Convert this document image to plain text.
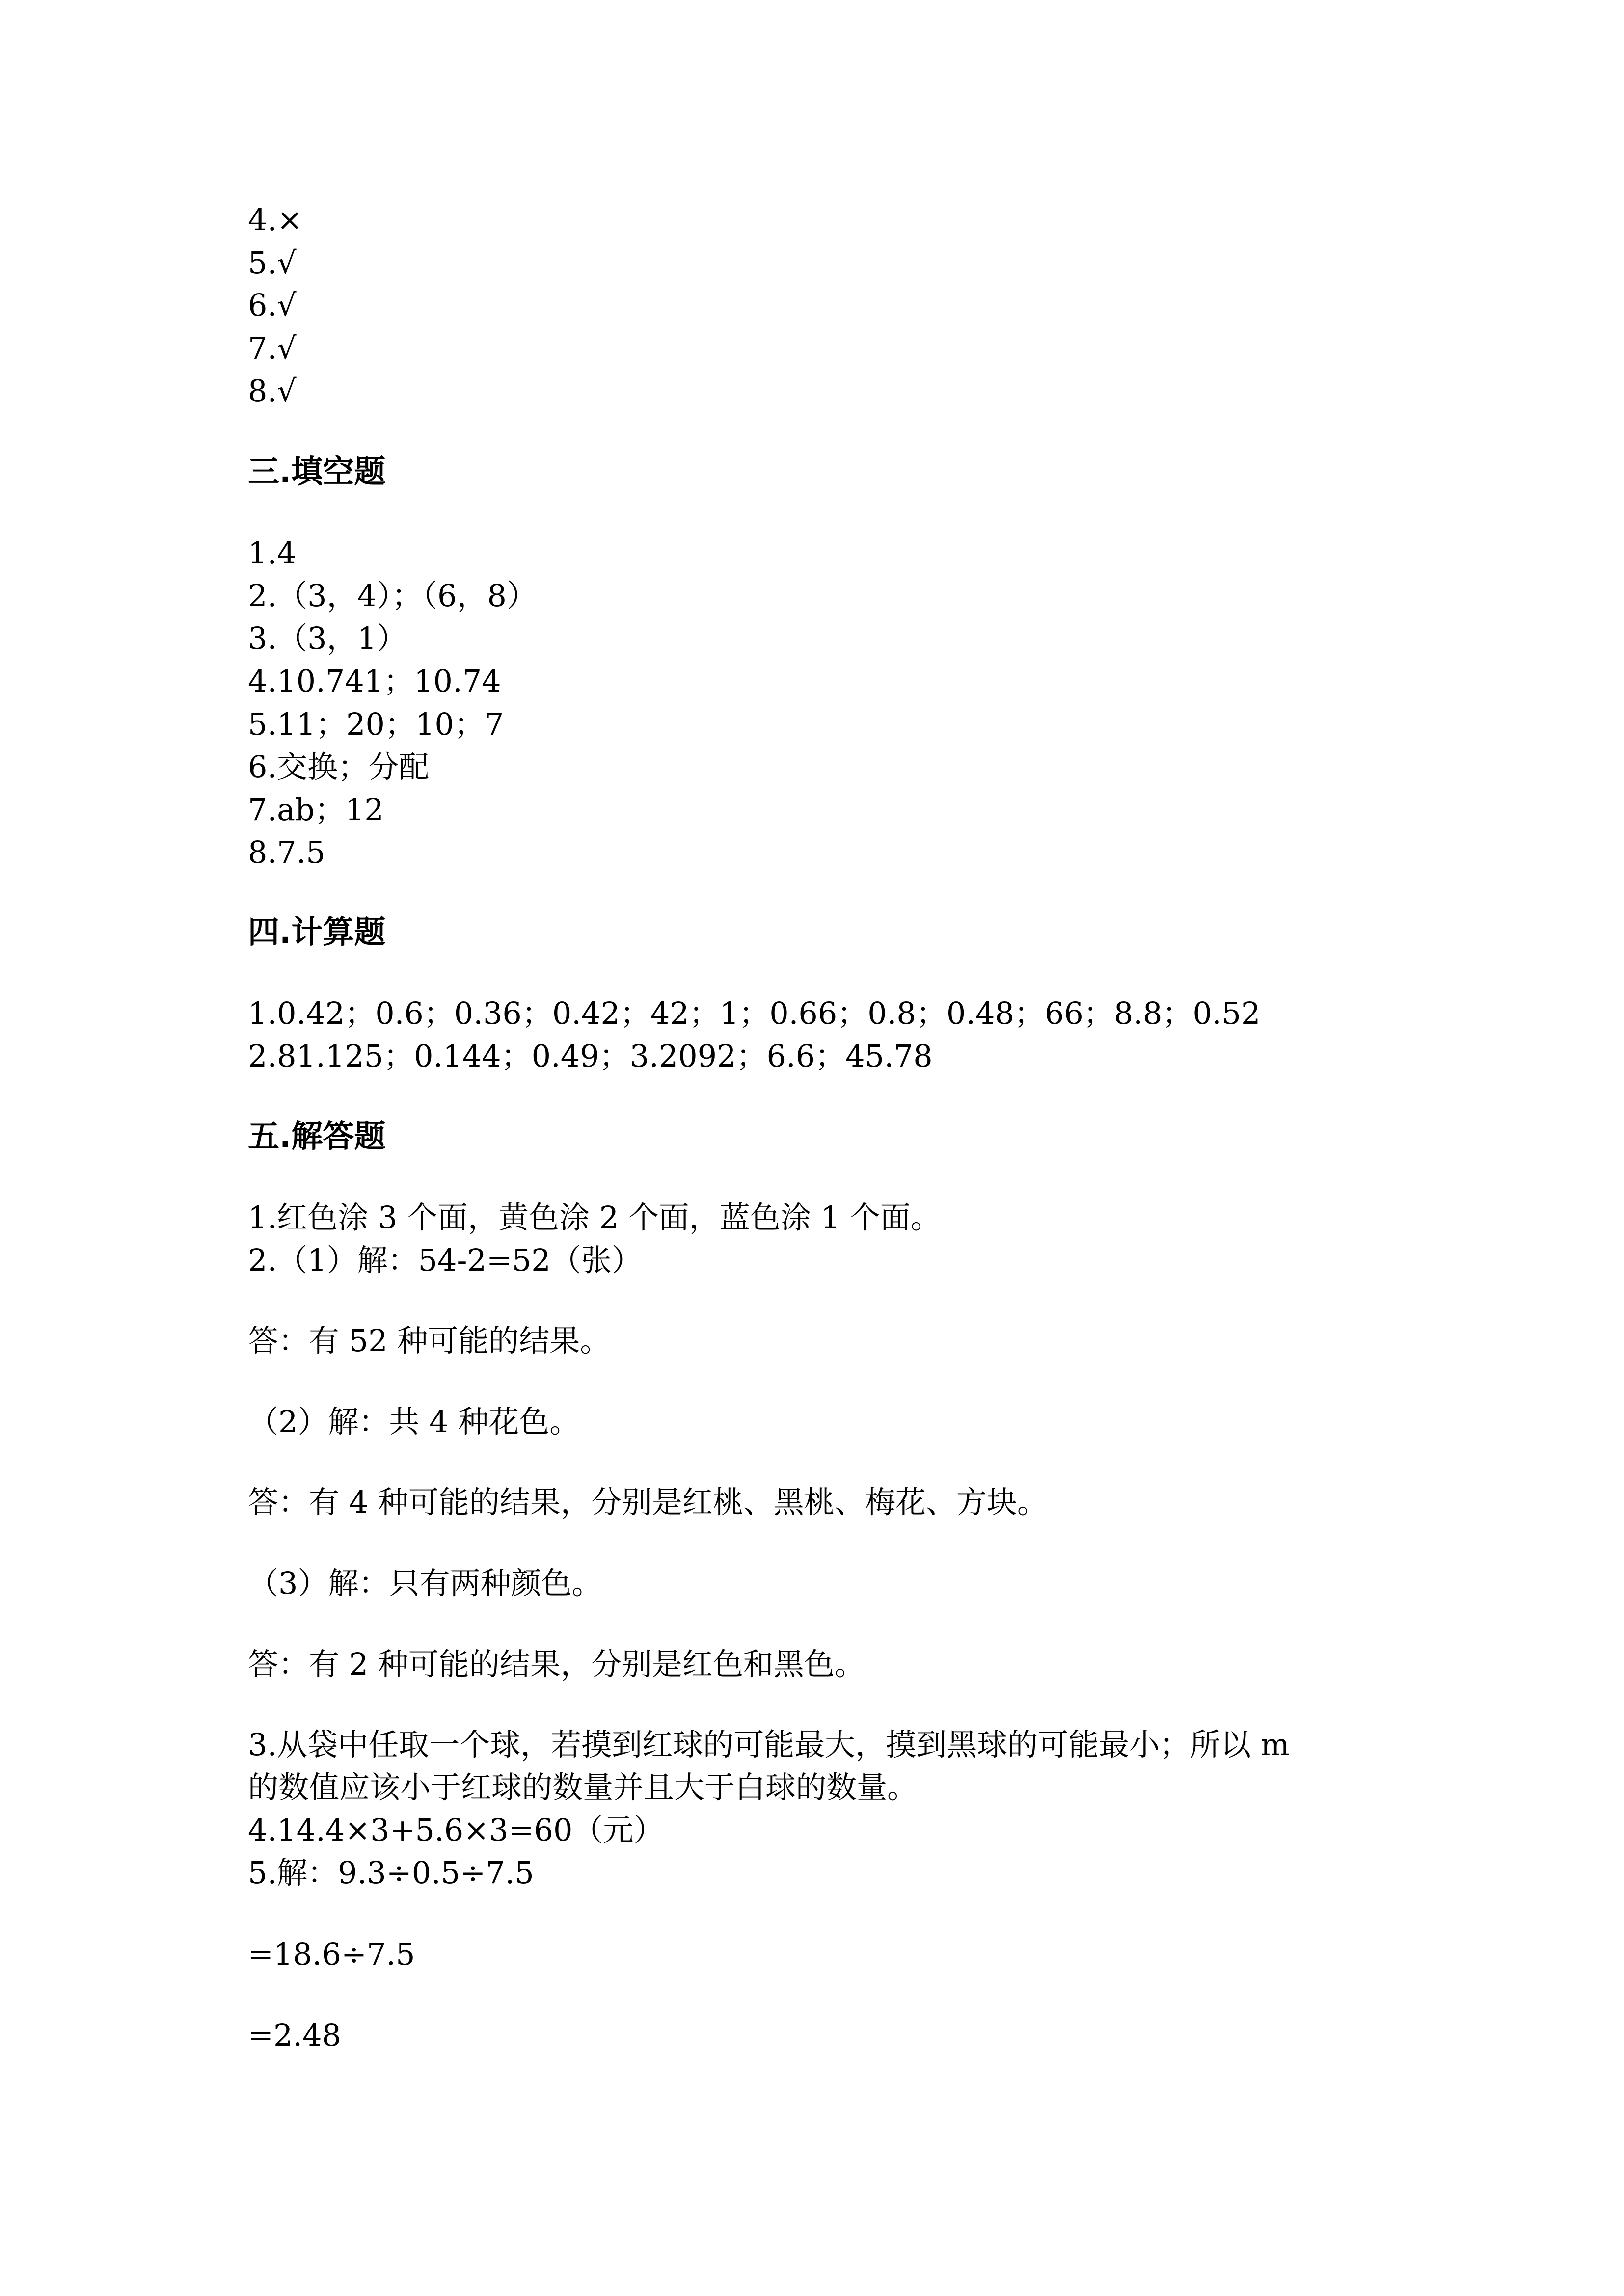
4.×
5.√
6.√
7.√
8.√
三.填空题
1.4
2.（3，4）；（6，8）
3.（3，1）
4.10.741；10.74
5.11；20；10；7
6.交换；分配
7.ab；12
8.7.5
四.计算题
1.0.42；0.6；0.36；0.42；42；1；0.66；0.8；0.48；66；8.8；0.52
2.81.125；0.144；0.49；3.2092；6.6；45.78
五.解答题
1.红色涂 3 个面，黄色涂 2 个面，蓝色涂 1 个面。
2.（1）解：54-2=52（张）
答：有 52 种可能的结果。
（2）解：共 4 种花色。
答：有 4 种可能的结果，分别是红桃、黑桃、梅花、方块。
（3）解：只有两种颜色。
答：有 2 种可能的结果，分别是红色和黑色。
3.从袋中任取一个球，若摸到红球的可能最大，摸到黑球的可能最小；所以 m
的数值应该小于红球的数量并且大于白球的数量。
4.14.4×3+5.6×3=60（元）
5.解：9.3÷0.5÷7.5
=18.6÷7.5
=2.48
